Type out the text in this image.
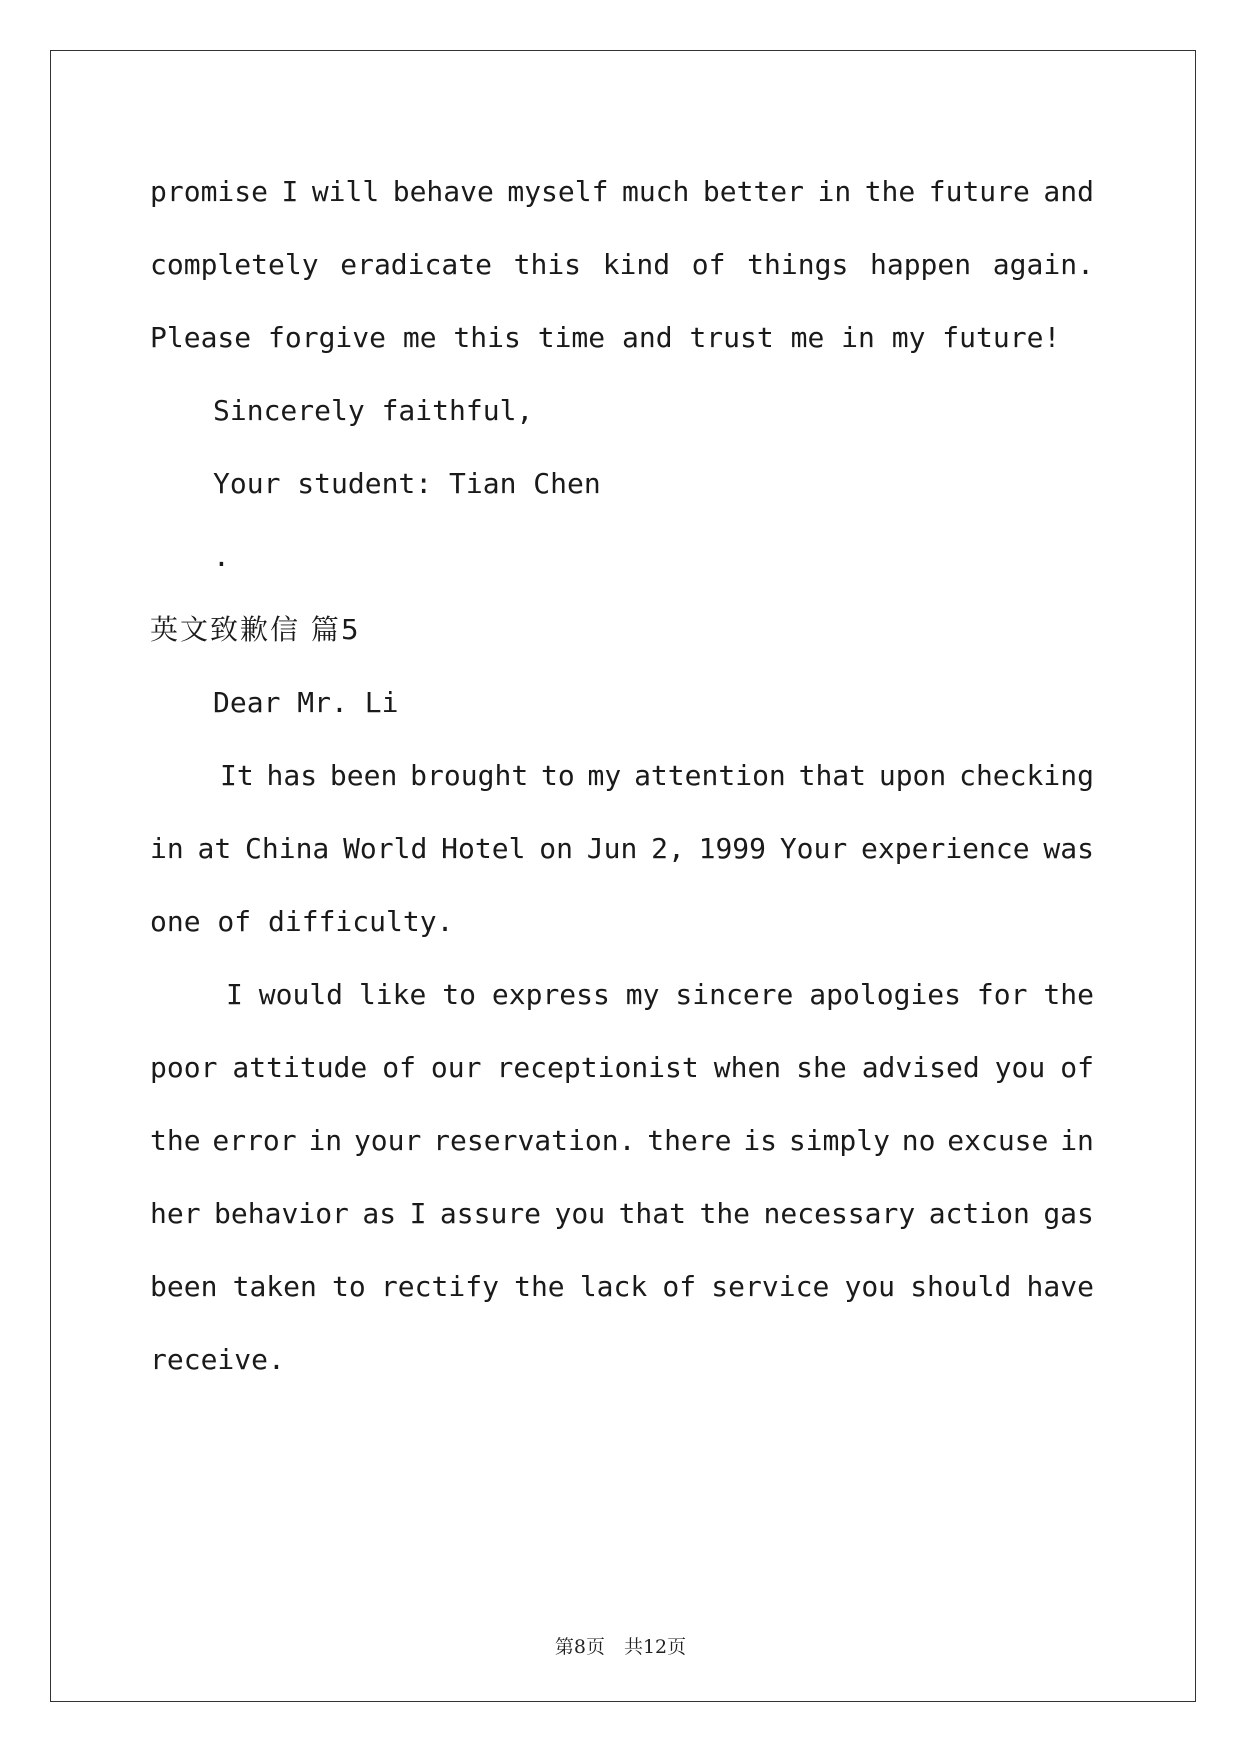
promise I will behave myself much better in the future and

completely eradicate this kind of things happen again.

Please forgive me this time and trust me in my future!

Sincerely faithful,

Your student: Tian Chen

.

英文致歉信 篇5

Dear Mr. Li

It has been brought to my attention that upon checking

in at China World Hotel on Jun 2, 1999 Your experience was

one of difficulty.

I would like to express my sincere apologies for the

poor attitude of our receptionist when she advised you of

the error in your reservation. there is simply no excuse in

her behavior as I assure you that the necessary action gas

been taken to rectify the lack of service you should have

receive.

第8页　共12页
